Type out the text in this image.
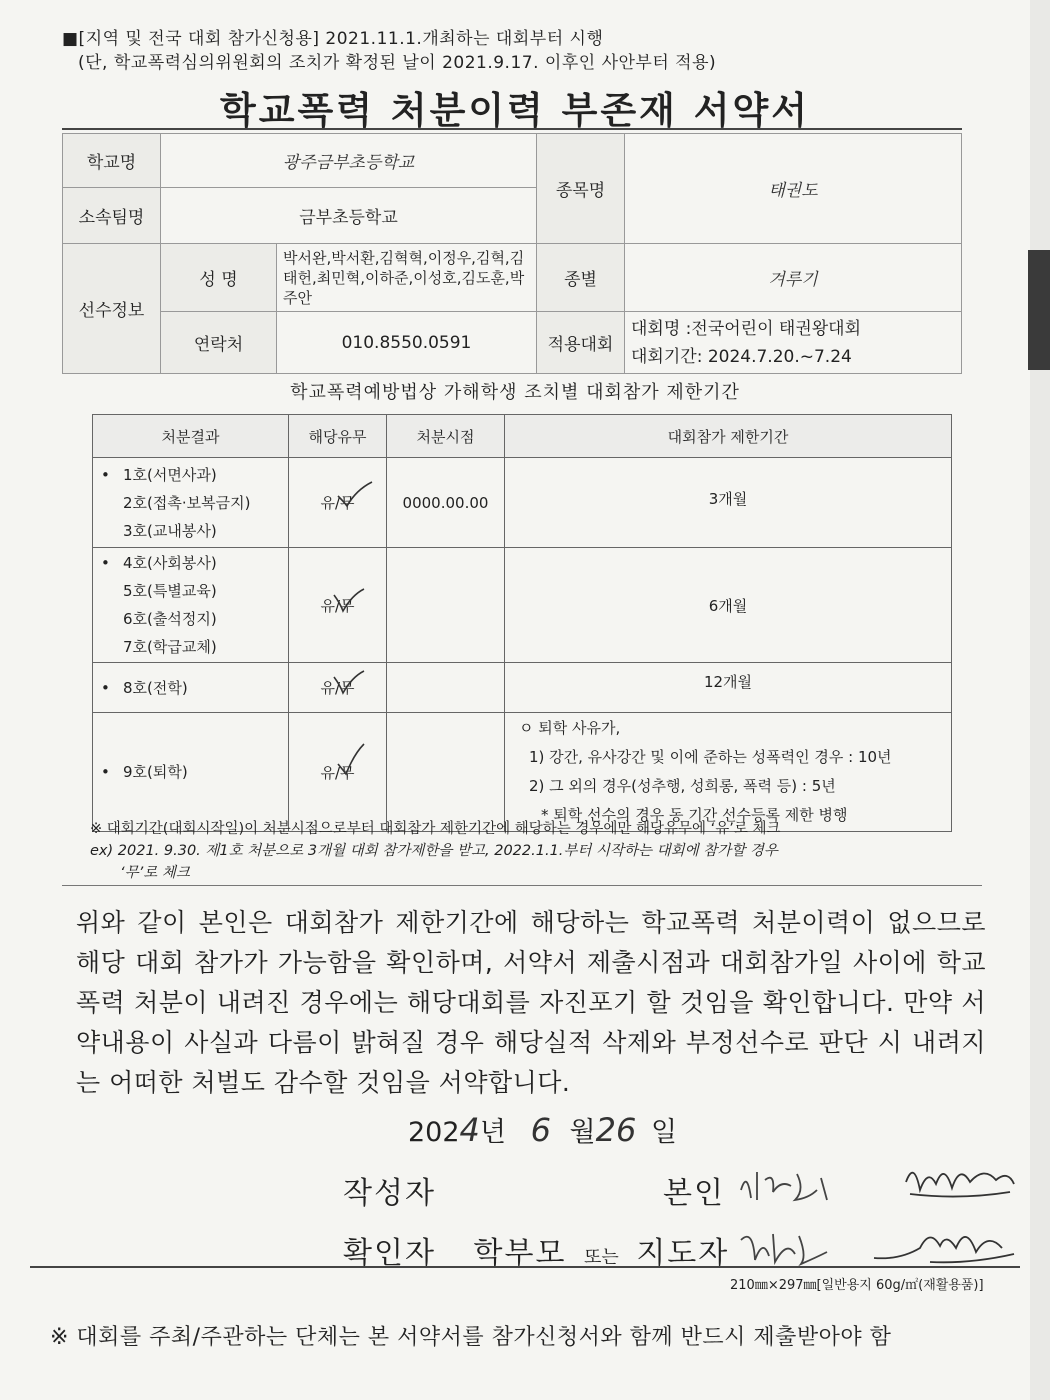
■[지역 및 전국 대회 참가신청용] 2021.11.1.개최하는 대회부터 시행
(단, 학교폭력심의위원회의 조치가 확정된 날이 2021.9.17. 이후인 사안부터 적용)
학교폭력 처분이력 부존재 서약서
학교명	광주금부초등학교		종목명	태권도
소속팀명	금부초등학교			
선수정보	성 명	박서완,박서환,김혁혁,이정우,김혁,김태헌,최민혁,이하준,이성호,김도훈,박주안	종별	겨루기
	연락처	010.8550.0591	적용대회	대회명 :전국어린이 태권왕대회
대회기간: 2024.7.20.~7.24
학교폭력예방법상 가해학생 조치별 대회참가 제한기간
처분결과	해당유무	처분시점	대회참가 제한기간

• 1호(서면사과)
2호(접촉·보복금지)
3호(교내봉사)	유/무	0000.00.00	3개월

• 4호(사회봉사)
5호(특별교육)
6호(출석정지)
7호(학급교체)	유/무		6개월

• 8호(전학)	유/무		12개월

• 9호(퇴학)	유/무		ㅇ 퇴학 사유가,
1) 강간, 유사강간 및 이에 준하는 성폭력인 경우 : 10년
2) 그 외의 경우(성추행, 성희롱, 폭력 등) : 5년
* 퇴학 선수의 경우 동 기간 선수등록 제한 병행
※ 대회기간(대회시작일)이 처분시점으로부터 대회참가 제한기간에 해당하는 경우에만 해당유무에 ‘유’로 체크
ex) 2021. 9.30. 제1호 처분으로 3개월 대회 참가제한을 받고, 2022.1.1.부터 시작하는 대회에 참가할 경우
‘무’로 체크
위와 같이 본인은 대회참가 제한기간에 해당하는 학교폭력 처분이력이 없으므로 해당 대회 참가가 가능함을 확인하며, 서약서 제출시점과 대회참가일 사이에 학교폭력 처분이 내려진 경우에는 해당대회를 자진포기 할 것임을 확인합니다. 만약 서약내용이 사실과 다름이 밝혀질 경우 해당실적 삭제와 부정선수로 판단 시 내려지는 어떠한 처벌도 감수할 것임을 서약합니다.
2024년 6 월26 일
작성자	본인
확인자 학부모 또는 지도자
210㎜×297㎜[일반용지 60g/㎡(재활용품)]
※ 대회를 주최/주관하는 단체는 본 서약서를 참가신청서와 함께 반드시 제출받아야 함
